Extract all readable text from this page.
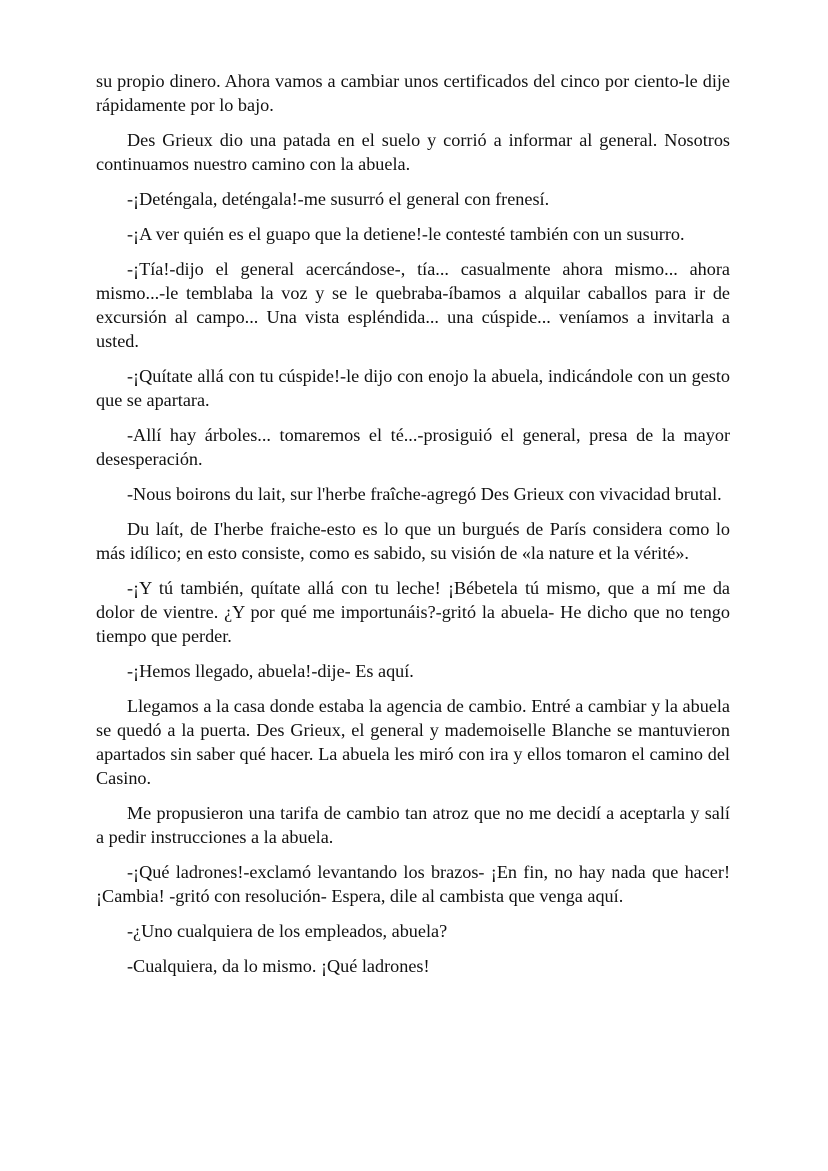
su propio dinero. Ahora vamos a cambiar unos certificados del cinco por ciento-le dije rápidamente por lo bajo.

Des Grieux dio una patada en el suelo y corrió a informar al general. Nosotros continuamos nuestro camino con la abuela.

-¡Deténgala, deténgala!-me susurró el general con frenesí.

-¡A ver quién es el guapo que la detiene!-le contesté también con un susurro.

-¡Tía!-dijo el general acercándose-, tía... casualmente ahora mismo... ahora mismo...-le temblaba la voz y se le quebraba-íbamos a alquilar caballos para ir de excursión al campo... Una vista espléndida... una cúspide... veníamos a invitarla a usted.

-¡Quítate allá con tu cúspide!-le dijo con enojo la abuela, indicándole con un gesto que se apartara.

-Allí hay árboles... tomaremos el té...-prosiguió el general, presa de la mayor desesperación.

-Nous boirons du lait, sur l'herbe fraîche-agregó Des Grieux con vivacidad brutal.

Du laít, de I'herbe fraiche-esto es lo que un burgués de París considera como lo más idílico; en esto consiste, como es sabido, su visión de «la nature et la vérité».

-¡Y tú también, quítate allá con tu leche! ¡Bébetela tú mismo, que a mí me da dolor de vientre. ¿Y por qué me importunáis?-gritó la abuela- He dicho que no tengo tiempo que perder.

-¡Hemos llegado, abuela!-dije- Es aquí.

Llegamos a la casa donde estaba la agencia de cambio. Entré a cambiar y la abuela se quedó a la puerta. Des Grieux, el general y mademoiselle Blanche se mantuvieron apartados sin saber qué hacer. La abuela les miró con ira y ellos tomaron el camino del Casino.

Me propusieron una tarifa de cambio tan atroz que no me decidí a aceptarla y salí a pedir instrucciones a la abuela.

-¡Qué ladrones!-exclamó levantando los brazos- ¡En fin, no hay nada que hacer! ¡Cambia! -gritó con resolución- Espera, dile al cambista que venga aquí.

-¿Uno cualquiera de los empleados, abuela?

-Cualquiera, da lo mismo. ¡Qué ladrones!
